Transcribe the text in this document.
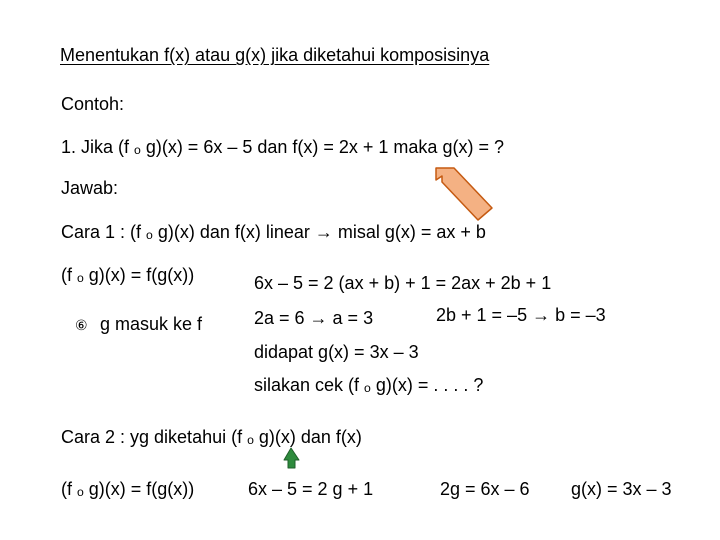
Menentukan f(x) atau g(x) jika diketahui komposisinya
Contoh:
1. Jika (f ₒ g)(x) = 6x – 5 dan f(x) = 2x + 1 maka g(x) = ?
Jawab:
Cara 1 : (f ₒ g)(x) dan f(x) linear → misal g(x) = ax + b
(f ₒ g)(x) = f(g(x))
⑥ g masuk ke f
6x – 5 = 2 (ax + b) + 1 = 2ax + 2b + 1
2a = 6 → a = 3	2b + 1 = –5 → b = –3
didapat g(x) = 3x – 3
silakan cek (f ₒ g)(x) = . . . . ?
Cara 2 : yg diketahui (f ₒ g)(x) dan f(x)
(f ₒ g)(x) = f(g(x))	6x – 5 = 2 g + 1	2g = 6x – 6 g(x) = 3x – 3
